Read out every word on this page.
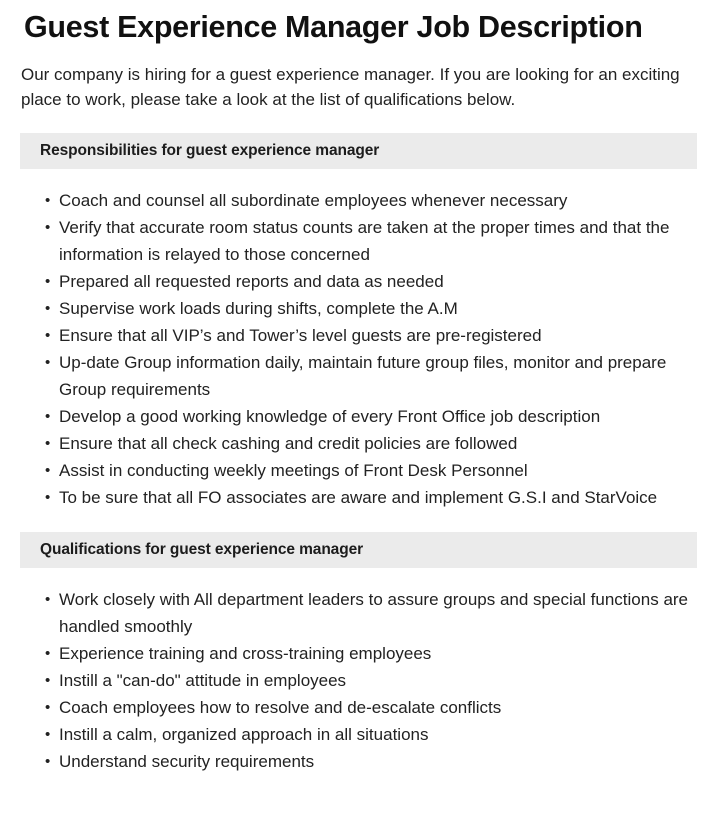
Guest Experience Manager Job Description

Our company is hiring for a guest experience manager. If you are looking for an exciting place to work, please take a look at the list of qualifications below.

Responsibilities for guest experience manager
• Coach and counsel all subordinate employees whenever necessary
• Verify that accurate room status counts are taken at the proper times and that the information is relayed to those concerned
• Prepared all requested reports and data as needed
• Supervise work loads during shifts, complete the A.M
• Ensure that all VIP’s and Tower’s level guests are pre-registered
• Up-date Group information daily, maintain future group files, monitor and prepare Group requirements
• Develop a good working knowledge of every Front Office job description
• Ensure that all check cashing and credit policies are followed
• Assist in conducting weekly meetings of Front Desk Personnel
• To be sure that all FO associates are aware and implement G.S.I and StarVoice
Qualifications for guest experience manager
• Work closely with All department leaders to assure groups and special functions are handled smoothly
• Experience training and cross-training employees
• Instill a "can-do" attitude in employees
• Coach employees how to resolve and de-escalate conflicts
• Instill a calm, organized approach in all situations
• Understand security requirements
